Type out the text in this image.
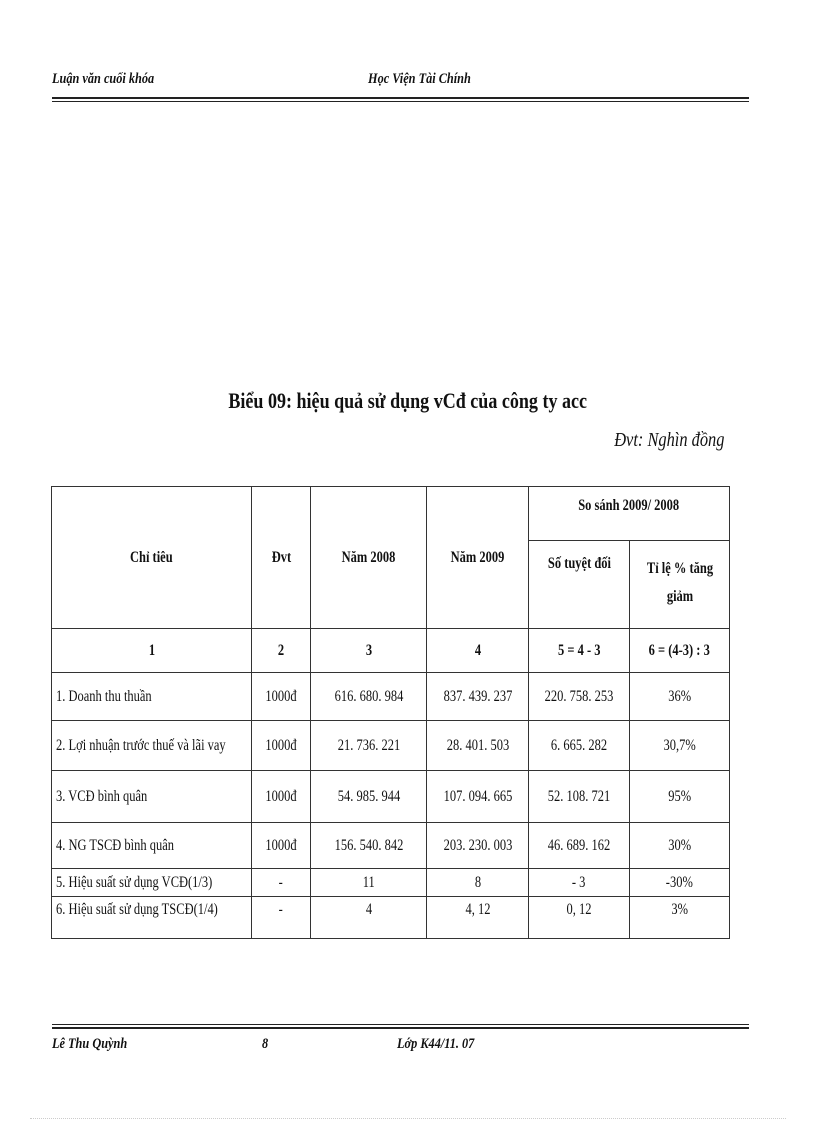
Luận văn cuối khóa	Học Viện Tài Chính
Biểu 09: hiệu quả sử dụng vCđ của công ty acc
Đvt: Nghìn đồng
Chỉ tiêu	Đvt	Năm 2008	Năm 2009	So sánh 2009/ 2008	
				Số tuyệt đối	Tỉ lệ % tăng giảm
1	2	3	4	5 = 4 - 3	6 = (4-3) : 3
1. Doanh thu thuần	1000đ	616. 680. 984	837. 439. 237	220. 758. 253	36%
2. Lợi nhuận trước thuế và lãi vay	1000đ	21. 736. 221	28. 401. 503	6. 665. 282	30,7%
3. VCĐ bình quân	1000đ	54. 985. 944	107. 094. 665	52. 108. 721	95%
4. NG TSCĐ bình quân	1000đ	156. 540. 842	203. 230. 003	46. 689. 162	30%
5. Hiệu suất sử dụng VCĐ(1/3)	-	11	8	- 3	-30%
6. Hiệu suất sử dụng TSCĐ(1/4)	-	4	4, 12	0, 12	3%
Lê Thu Quỳnh	8	Lớp K44/11. 07
